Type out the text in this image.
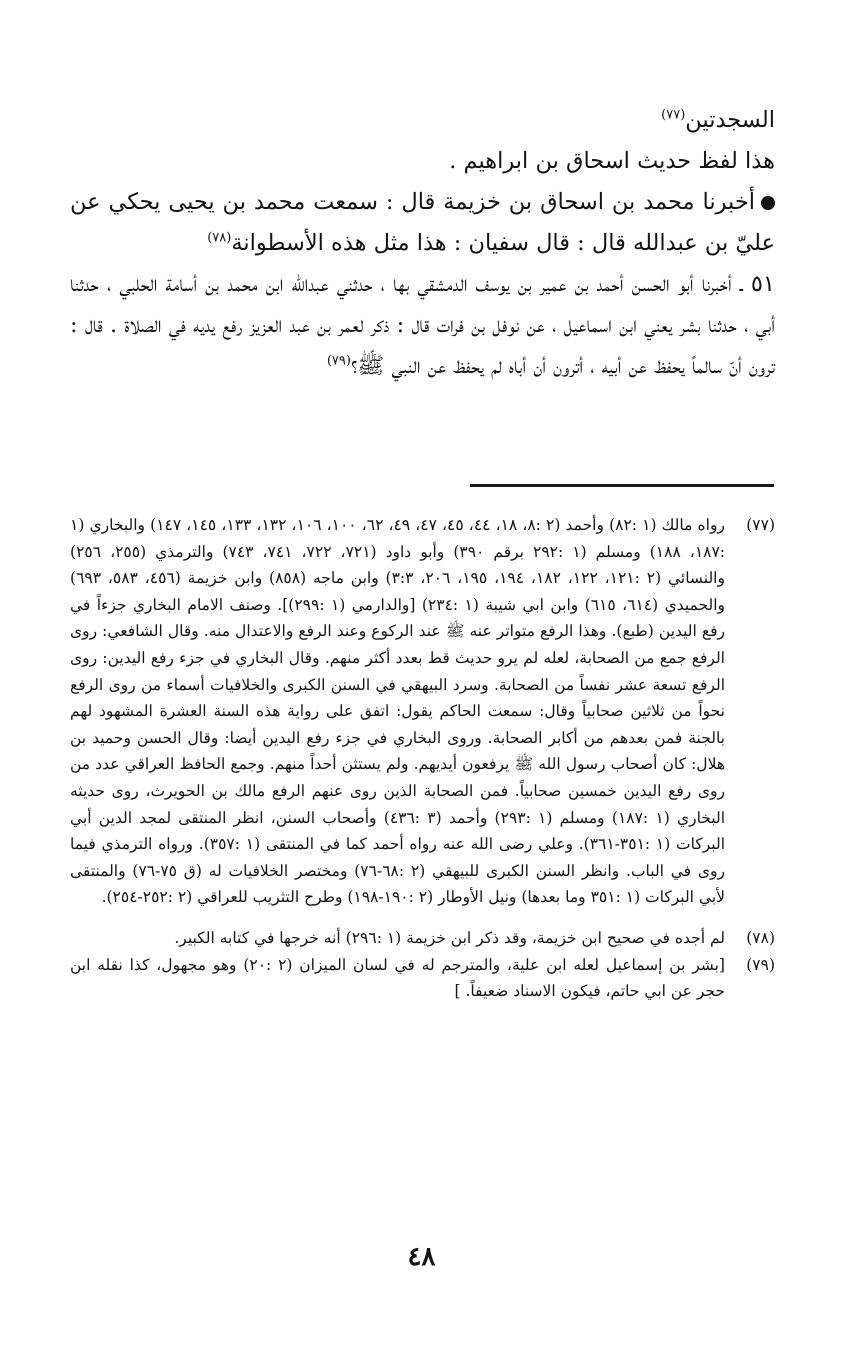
السجدتين$^{(٧٧)}$

هذا لفظ حديث اسحاق بن ابراهيم .

أخبرنا محمد بن اسحاق بن خزيمة قال : سمعت محمد بن يحيى يحكي عن عليّ بن عبدالله قال : قال سفيان : هذا مثل هذه الأسطوانة$^{(٧٨)}$

٥١ ـ أخبرنا أبو الحسن أحمد بن عمير بن يوسف الدمشقي بها ، حدثني عبدالله ابن محمد بن أسامة الحلبي ، حدثنا أبي ، حدثنا بشر يعني ابن اسماعيل ، عن نوفل بن فرات قال : ذكر لعمر بن عبد العزيز رفع يديه في الصلاة . قال : ترون أنّ سالماً يحفظ عن أبيه ، أترون أن أباه لم يحفظ عن النبي ﷺ؟$^{(٧٩)}$

(٧٧)
رواه مالك (١ :٨٢) وأحمد (٢ :٨، ١٨، ٤٤، ٤٥، ٤٧، ٤٩، ٦٢، ١٠٠، ١٠٦، ١٣٢، ١٣٣، ١٤٥، ١٤٧) والبخاري (١ :١٨٧، ١٨٨) ومسلم (١ :٢٩٢ برقم ٣٩٠) وأبو داود (٧٢١، ٧٢٢، ٧٤١، ٧٤٣) والترمذي (٢٥٥، ٢٥٦) والنسائي (٢ :١٢١، ١٢٢، ١٨٢، ١٩٤، ١٩٥، ٢٠٦، ٣:٣) وابن ماجه (٨٥٨) وابن خزيمة (٤٥٦، ٥٨٣، ٦٩٣) والحميدي (٦١٤، ٦١٥) وابن ابي شيبة (١ :٢٣٤) [والدارمي (١ :٢٩٩)]. وصنف الامام البخاري جزءاً في رفع اليدين (طبع). وهذا الرفع متواتر عنه ﷺ عند الركوع وعند الرفع والاعتدال منه. وقال الشافعي: روى الرفع جمع من الصحابة، لعله لم يرو حديث قط بعدد أكثر منهم. وقال البخاري في جزء رفع اليدين: روى الرفع تسعة عشر نفساً من الصحابة. وسرد البيهقي في السنن الكبرى والخلافيات أسماء من روى الرفع نحواً من ثلاثين صحابياً وقال: سمعت الحاكم يقول: اتفق على رواية هذه السنة العشرة المشهود لهم بالجنة فمن بعدهم من أكابر الصحابة. وروى البخاري في جزء رفع اليدين أيضا: وقال الحسن وحميد بن هلال: كان أصحاب رسول الله ﷺ يرفعون أيديهم. ولم يستثن أحداً منهم. وجمع الحافظ العراقي عدد من روى رفع اليدين خمسين صحابياً. فمن الصحابة الذين روى عنهم الرفع مالك بن الحويرث، روى حديثه البخاري (١ :١٨٧) ومسلم (١ :٢٩٣) وأحمد (٣ :٤٣٦) وأصحاب السنن، انظر المنتقى لمجد الدين أبي البركات (١ :٣٥١-٣٦١). وعلي رضى الله عنه رواه أحمد كما في المنتقى (١ :٣٥٧). ورواه الترمذي فيما روى في الباب. وانظر السنن الكبرى للبيهقي (٢ :٦٨-٧٦) ومختصر الخلافيات له (ق ٧٥-٧٦) والمنتقى لأبي البركات (١ :٣٥١ وما بعدها) ونيل الأوطار (٢ :١٩٠-١٩٨) وطرح التثريب للعراقي (٢ :٢٥٢-٢٥٤).
(٧٨)
لم أجده في صحيح ابن خزيمة، وقد ذكر ابن خزيمة (١ :٢٩٦) أنه خرجها في كتابه الكبير.
(٧٩)
[بشر بن إسماعيل لعله ابن علية، والمترجم له في لسان الميزان (٢ :٢٠) وهو مجهول، كذا نقله ابن حجر عن ابي حاتم، فيكون الاسناد ضعيفاً. ]
٤٨
